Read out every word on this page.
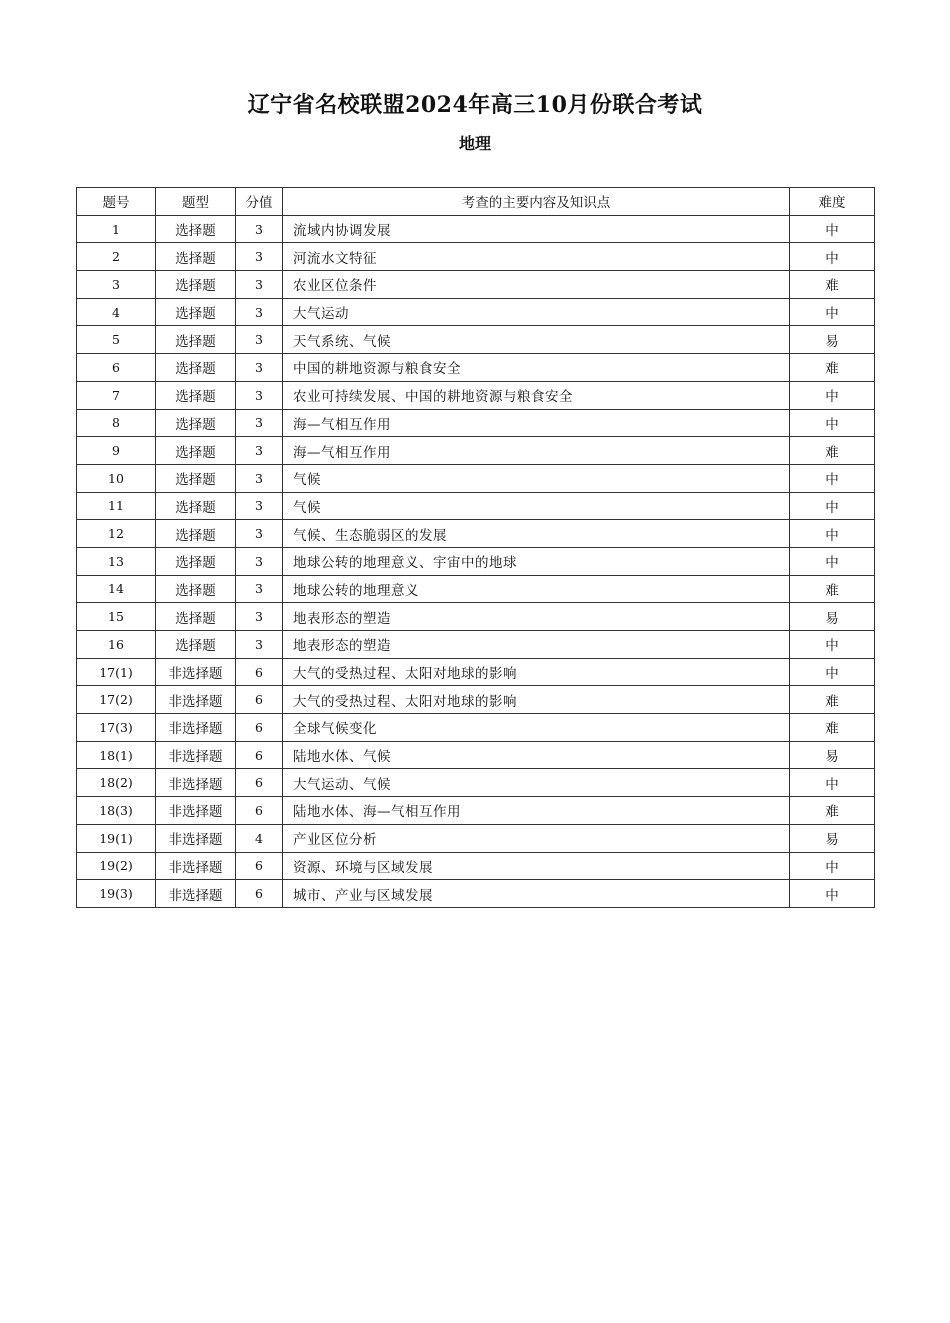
辽宁省名校联盟2024年高三10月份联合考试
地理
题号	题型	分值	考查的主要内容及知识点	难度
1	选择题	3	流域内协调发展	中
2	选择题	3	河流水文特征	中
3	选择题	3	农业区位条件	难
4	选择题	3	大气运动	中
5	选择题	3	天气系统、气候	易
6	选择题	3	中国的耕地资源与粮食安全	难
7	选择题	3	农业可持续发展、中国的耕地资源与粮食安全	中
8	选择题	3	海—气相互作用	中
9	选择题	3	海—气相互作用	难
10	选择题	3	气候	中
11	选择题	3	气候	中
12	选择题	3	气候、生态脆弱区的发展	中
13	选择题	3	地球公转的地理意义、宇宙中的地球	中
14	选择题	3	地球公转的地理意义	难
15	选择题	3	地表形态的塑造	易
16	选择题	3	地表形态的塑造	中
17(1)	非选择题	6	大气的受热过程、太阳对地球的影响	中
17(2)	非选择题	6	大气的受热过程、太阳对地球的影响	难
17(3)	非选择题	6	全球气候变化	难
18(1)	非选择题	6	陆地水体、气候	易
18(2)	非选择题	6	大气运动、气候	中
18(3)	非选择题	6	陆地水体、海—气相互作用	难
19(1)	非选择题	4	产业区位分析	易
19(2)	非选择题	6	资源、环境与区域发展	中
19(3)	非选择题	6	城市、产业与区域发展	中
